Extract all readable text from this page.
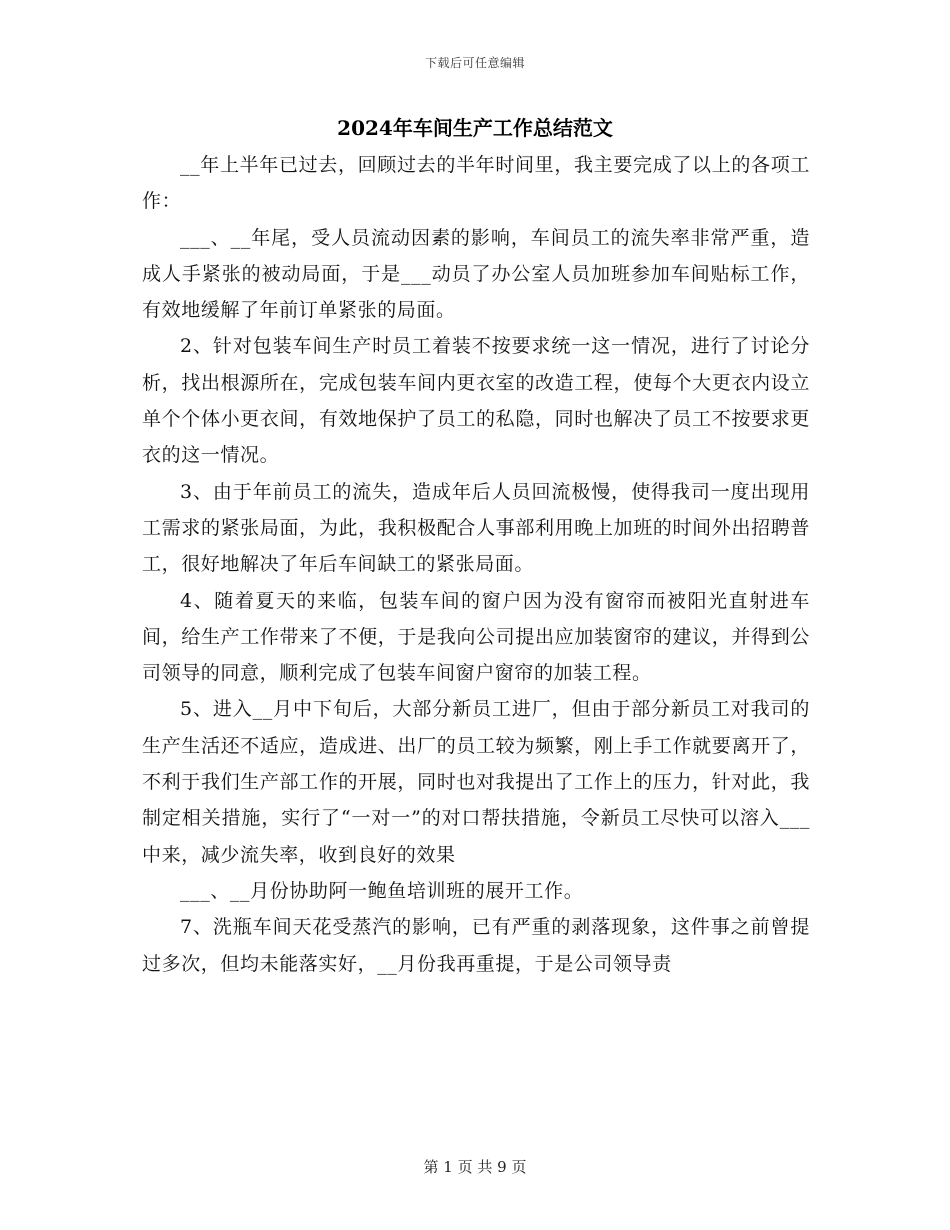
下载后可任意编辑
2024年车间生产工作总结范文

__年上半年已过去，回顾过去的半年时间里，我主要完成了以上的各项工作：

___、__年尾，受人员流动因素的影响，车间员工的流失率非常严重，造成人手紧张的被动局面，于是___动员了办公室人员加班参加车间贴标工作，有效地缓解了年前订单紧张的局面。

2、针对包装车间生产时员工着装不按要求统一这一情况，进行了讨论分析，找出根源所在，完成包装车间内更衣室的改造工程，使每个大更衣内设立单个个体小更衣间，有效地保护了员工的私隐，同时也解决了员工不按要求更衣的这一情况。

3、由于年前员工的流失，造成年后人员回流极慢，使得我司一度出现用工需求的紧张局面，为此，我积极配合人事部利用晚上加班的时间外出招聘普工，很好地解决了年后车间缺工的紧张局面。

4、随着夏天的来临，包装车间的窗户因为没有窗帘而被阳光直射进车间，给生产工作带来了不便，于是我向公司提出应加装窗帘的建议，并得到公司领导的同意，顺利完成了包装车间窗户窗帘的加装工程。

5、进入__月中下旬后，大部分新员工进厂，但由于部分新员工对我司的生产生活还不适应，造成进、出厂的员工较为频繁，刚上手工作就要离开了，不利于我们生产部工作的开展，同时也对我提出了工作上的压力，针对此，我制定相关措施，实行了“一对一”的对口帮扶措施，令新员工尽快可以溶入___中来，减少流失率，收到良好的效果

___、__月份协助阿一鲍鱼培训班的展开工作。

7、洗瓶车间天花受蒸汽的影响，已有严重的剥落现象，这件事之前曾提过多次，但均未能落实好，__月份我再重提，于是公司领导责

第 1 页 共 9 页
